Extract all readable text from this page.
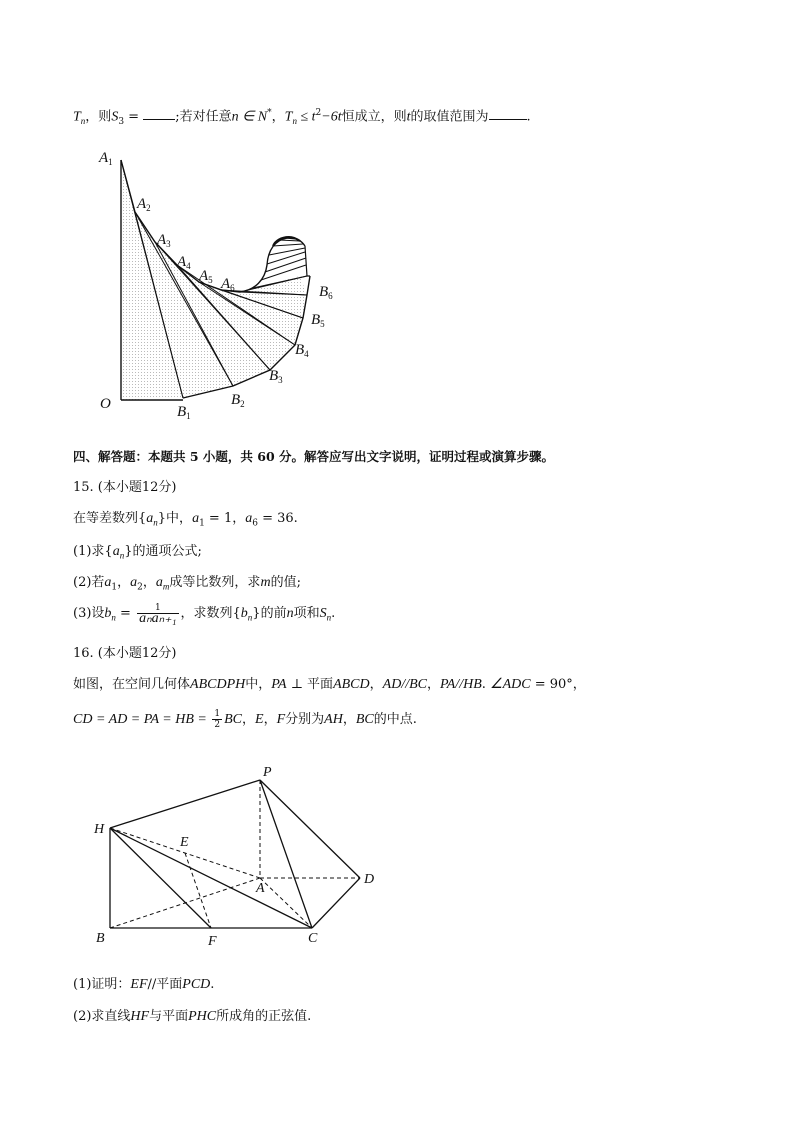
$T_n$，则$S_3$ = ;若对任意n ∈ N*，$T_n \le t^2-6t$恒成立，则t的取值范围为	.
$A_1$
$A_2$
$A_3$
$A_4$
$A_5$ $A_6$
O	$B_1$
$B_2$
$B_3$
$B_4$
$B_5$
$B_6$
四、解答题：本题共 5 小题，共 60 分。解答应写出文字说明，证明过程或演算步骤。
15. (本小题12分)
在等差数列$\{a_n\}$中，$a_1 = 1$，$a_6 = 36$.
(1)求$\{a_n\}$的通项公式;
(2)若$a_1$，$a_2$，$a_m$成等比数列，求m的值;
(3)设$b_n = \frac{1}{\text{aₙaₙ₊₁}}$ ，求数列$\{b_n\}$的前n项和$S_n$.
16. (本小题12分)
如图，在空间几何体ABCDPH中，PA ⊥ 平面ABCD，AD//BC，PA//HB. ∠ADC = 90°，
CD = AD = PA = HB = $\frac{1}{2}$ BC，E，F分别为AH，BC的中点.
P
H
E
A
D
B	F	C
(1)证明：EF//平面PCD.
(2)求直线HF与平面PHC所成角的正弦值.
